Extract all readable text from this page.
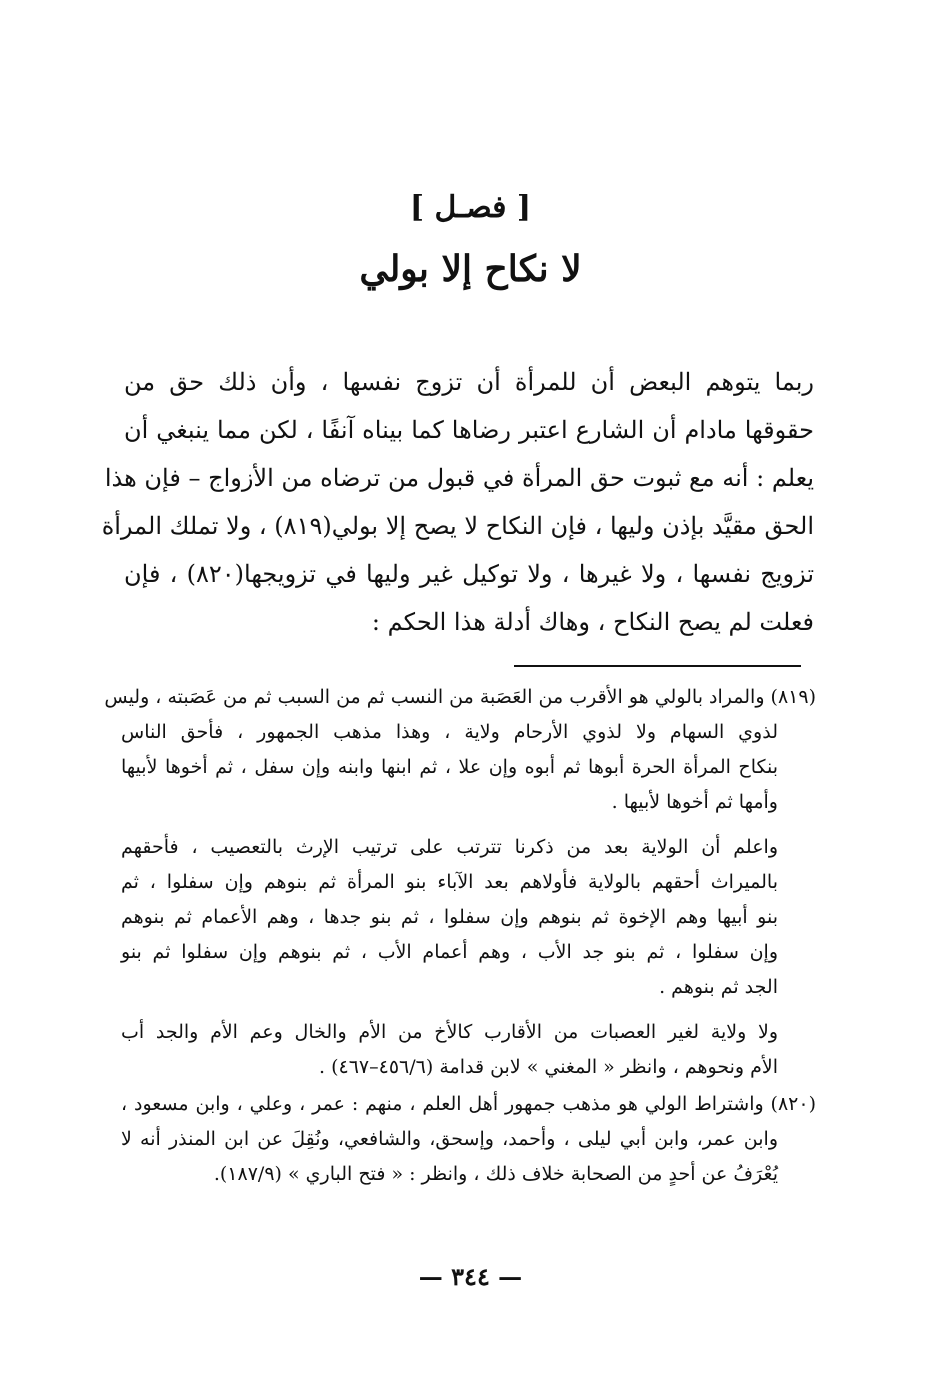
[ فصـل ]
لا نكاح إلا بولي
ربما يتوهم البعض أن للمرأة أن تزوج نفسها ، وأن ذلك حق من
حقوقها مادام أن الشارع اعتبر رضاها كما بيناه آنفًا ، لكن مما ينبغي أن
يعلم : أنه مع ثبوت حق المرأة في قبول من ترضاه من الأزواج – فإن هذا
الحق مقيَّد بإذن وليها ، فإن النكاح لا يصح إلا بولي(٨١٩) ، ولا تملك المرأة
تزويج نفسها ، ولا غيرها ، ولا توكيل غير وليها في تزويجها(٨٢٠) ، فإن
فعلت لم يصح النكاح ، وهاك أدلة هذا الحكم :
(٨١٩) والمراد بالولي هو الأقرب من العَصَبة من النسب ثم من السبب ثم من عَصَبته ، وليس
لذوي السهام ولا لذوي الأرحام ولاية ، وهذا مذهب الجمهور ، فأحق الناس
بنكاح المرأة الحرة أبوها ثم أبوه وإن علا ، ثم ابنها وابنه وإن سفل ، ثم أخوها لأبيها
وأمها ثم أخوها لأبيها .
واعلم أن الولاية بعد من ذكرنا تترتب على ترتيب الإرث بالتعصيب ، فأحقهم
بالميراث أحقهم بالولاية فأولاهم بعد الآباء بنو المرأة ثم بنوهم وإن سفلوا ، ثم
بنو أبيها وهم الإخوة ثم بنوهم وإن سفلوا ، ثم بنو جدها ، وهم الأعمام ثم بنوهم
وإن سفلوا ، ثم بنو جد الأب ، وهم أعمام الأب ، ثم بنوهم وإن سفلوا ثم بنو
الجد ثم بنوهم .
ولا ولاية لغير العصبات من الأقارب كالأخ من الأم والخال وعم الأم والجد أب
الأم ونحوهم ، وانظر « المغني » لابن قدامة (٤٥٦/٦–٤٦٧) .
(٨٢٠) واشتراط الولي هو مذهب جمهور أهل العلم ، منهم : عمر ، وعلي ، وابن مسعود ،
وابن عمر، وابن أبي ليلى ، وأحمد، وإسحق، والشافعي، ونُقِلَ عن ابن المنذر أنه لا
يُعْرَفُ عن أحدٍ من الصحابة خلاف ذلك ، وانظر : « فتح الباري » (١٨٧/٩).
— ٣٤٤ —
